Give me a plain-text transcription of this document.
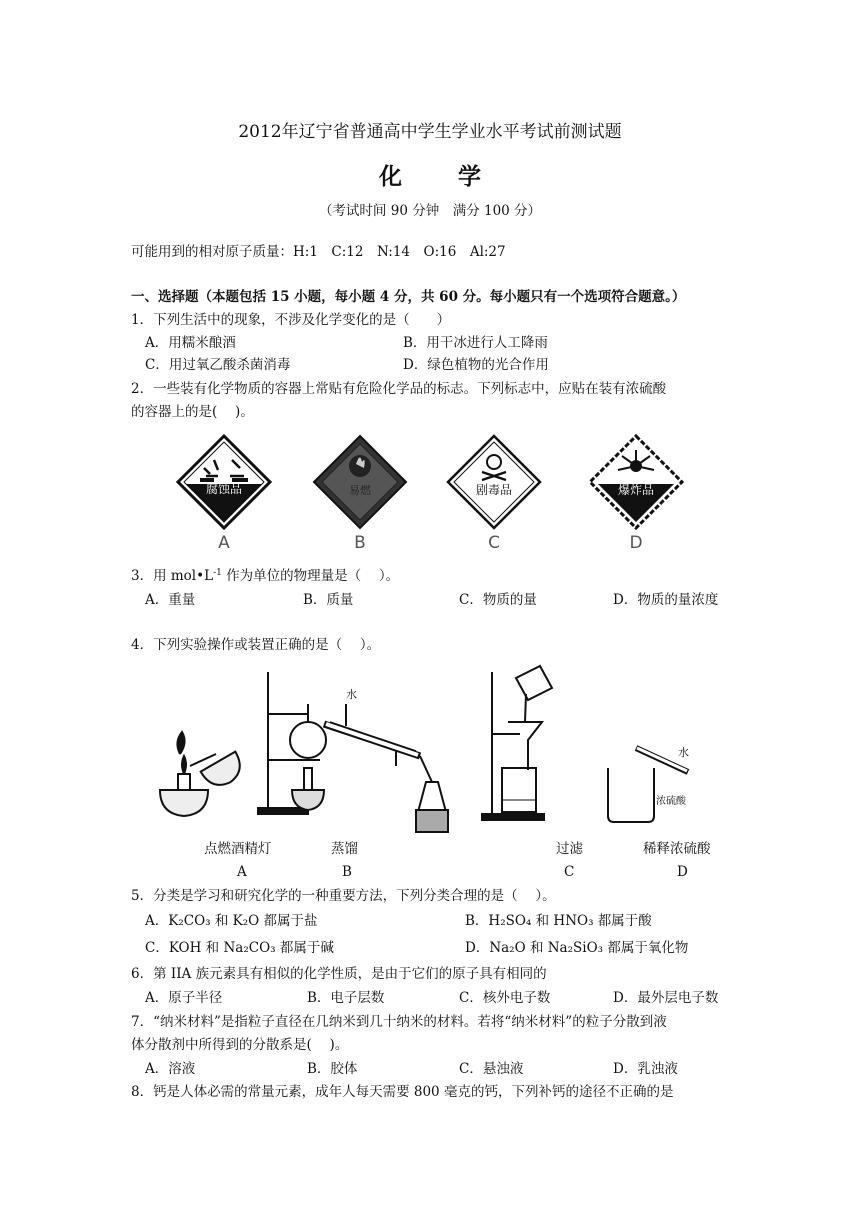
2012年辽宁省普通高中学生学业水平考试前测试题
化 学
（考试时间 90 分钟　满分 100 分）
可能用到的相对原子质量：H:1　C:12　N:14　O:16　Al:27
一、选择题（本题包括 15 小题，每小题 4 分，共 60 分。每小题只有一个选项符合题意。）
1．下列生活中的现象，不涉及化学变化的是（　　）
A．用糯米酿酒	B．用干冰进行人工降雨
C．用过氧乙酸杀菌消毒	D．绿色植物的光合作用
2．一些装有化学物质的容器上常贴有危险化学品的标志。下列标志中，应贴在装有浓硫酸
的容器上的是(　 )。
腐蚀品
A
易燃
B
剧毒品
C
爆炸品
D
3．用 $mol•L^{-1}$ 作为单位的物理量是（　 ）。
A．重量	B．质量	C．物质的量	D．物质的量浓度
4．下列实验操作或装置正确的是（　 ）。
水
水
浓硫酸
点燃酒精灯	蒸馏	过滤	稀释浓硫酸
A	B	C	D
5．分类是学习和研究化学的一种重要方法，下列分类合理的是（　 ）。
A．K₂CO₃ 和 K₂O 都属于盐	B．H₂SO₄ 和 HNO₃ 都属于酸
C．KOH 和 Na₂CO₃ 都属于碱	D．Na₂O 和 Na₂SiO₃ 都属于氧化物
6．第 IIA 族元素具有相似的化学性质，是由于它们的原子具有相同的
A．原子半径	B．电子层数	C．核外电子数	D．最外层电子数
7．“纳米材料”是指粒子直径在几纳米到几十纳米的材料。若将“纳米材料”的粒子分散到液
体分散剂中所得到的分散系是(　 )。
A．溶液	B．胶体	C．悬浊液	D．乳浊液
8．钙是人体必需的常量元素，成年人每天需要 800 毫克的钙，下列补钙的途径不正确的是
